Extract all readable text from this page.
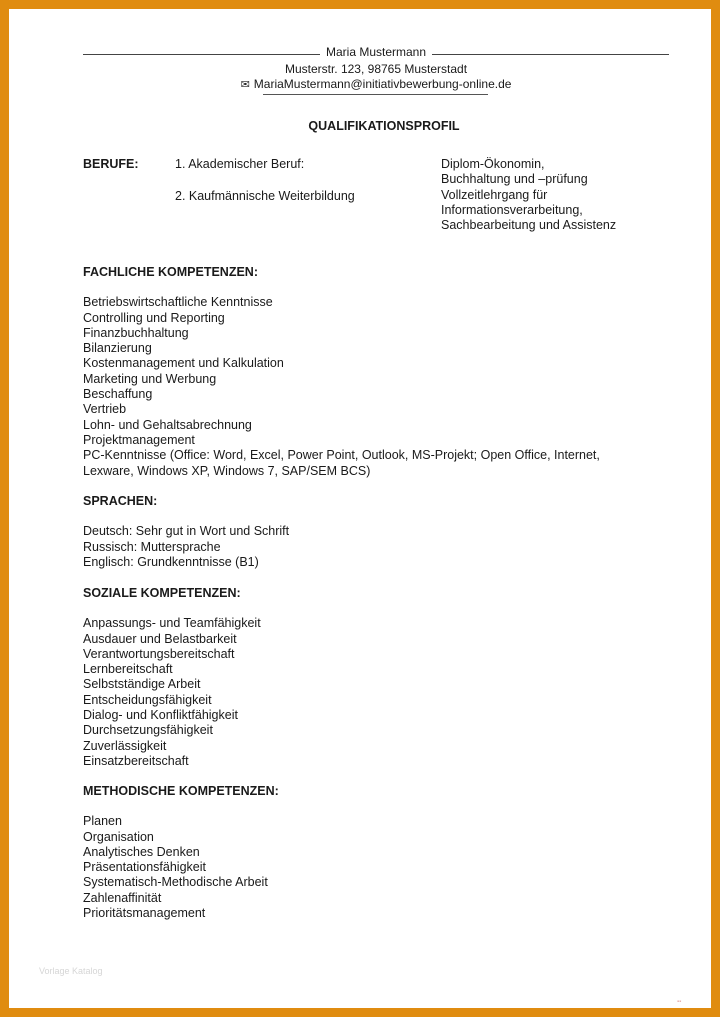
Maria Mustermann
Musterstr. 123, 98765 Musterstadt
✉ MariaMustermann@initiativbewerbung-online.de
QUALIFIKATIONSPROFIL
BERUFE:	1. Akademischer Beruf:
2. Kaufmännische Weiterbildung
Diplom-Ökonomin,
Buchhaltung und –prüfung
Vollzeitlehrgang für
Informationsverarbeitung,
Sachbearbeitung und Assistenz
FACHLICHE KOMPETENZEN:
Betriebswirtschaftliche Kenntnisse
Controlling und Reporting
Finanzbuchhaltung
Bilanzierung
Kostenmanagement und Kalkulation
Marketing und Werbung
Beschaffung
Vertrieb
Lohn- und Gehaltsabrechnung
Projektmanagement
PC-Kenntnisse (Office: Word, Excel, Power Point, Outlook, MS-Projekt; Open Office, Internet,
Lexware, Windows XP, Windows 7, SAP/SEM BCS)
SPRACHEN:
Deutsch: Sehr gut in Wort und Schrift
Russisch: Muttersprache
Englisch: Grundkenntnisse (B1)
SOZIALE KOMPETENZEN:
Anpassungs- und Teamfähigkeit
Ausdauer und Belastbarkeit
Verantwortungsbereitschaft
Lernbereitschaft
Selbstständige Arbeit
Entscheidungsfähigkeit
Dialog- und Konfliktfähigkeit
Durchsetzungsfähigkeit
Zuverlässigkeit
Einsatzbereitschaft
METHODISCHE KOMPETENZEN:
Planen
Organisation
Analytisches Denken
Präsentationsfähigkeit
Systematisch-Methodische Arbeit
Zahlenaffinität
Prioritätsmanagement
Vorlage Katalog
▪▪
